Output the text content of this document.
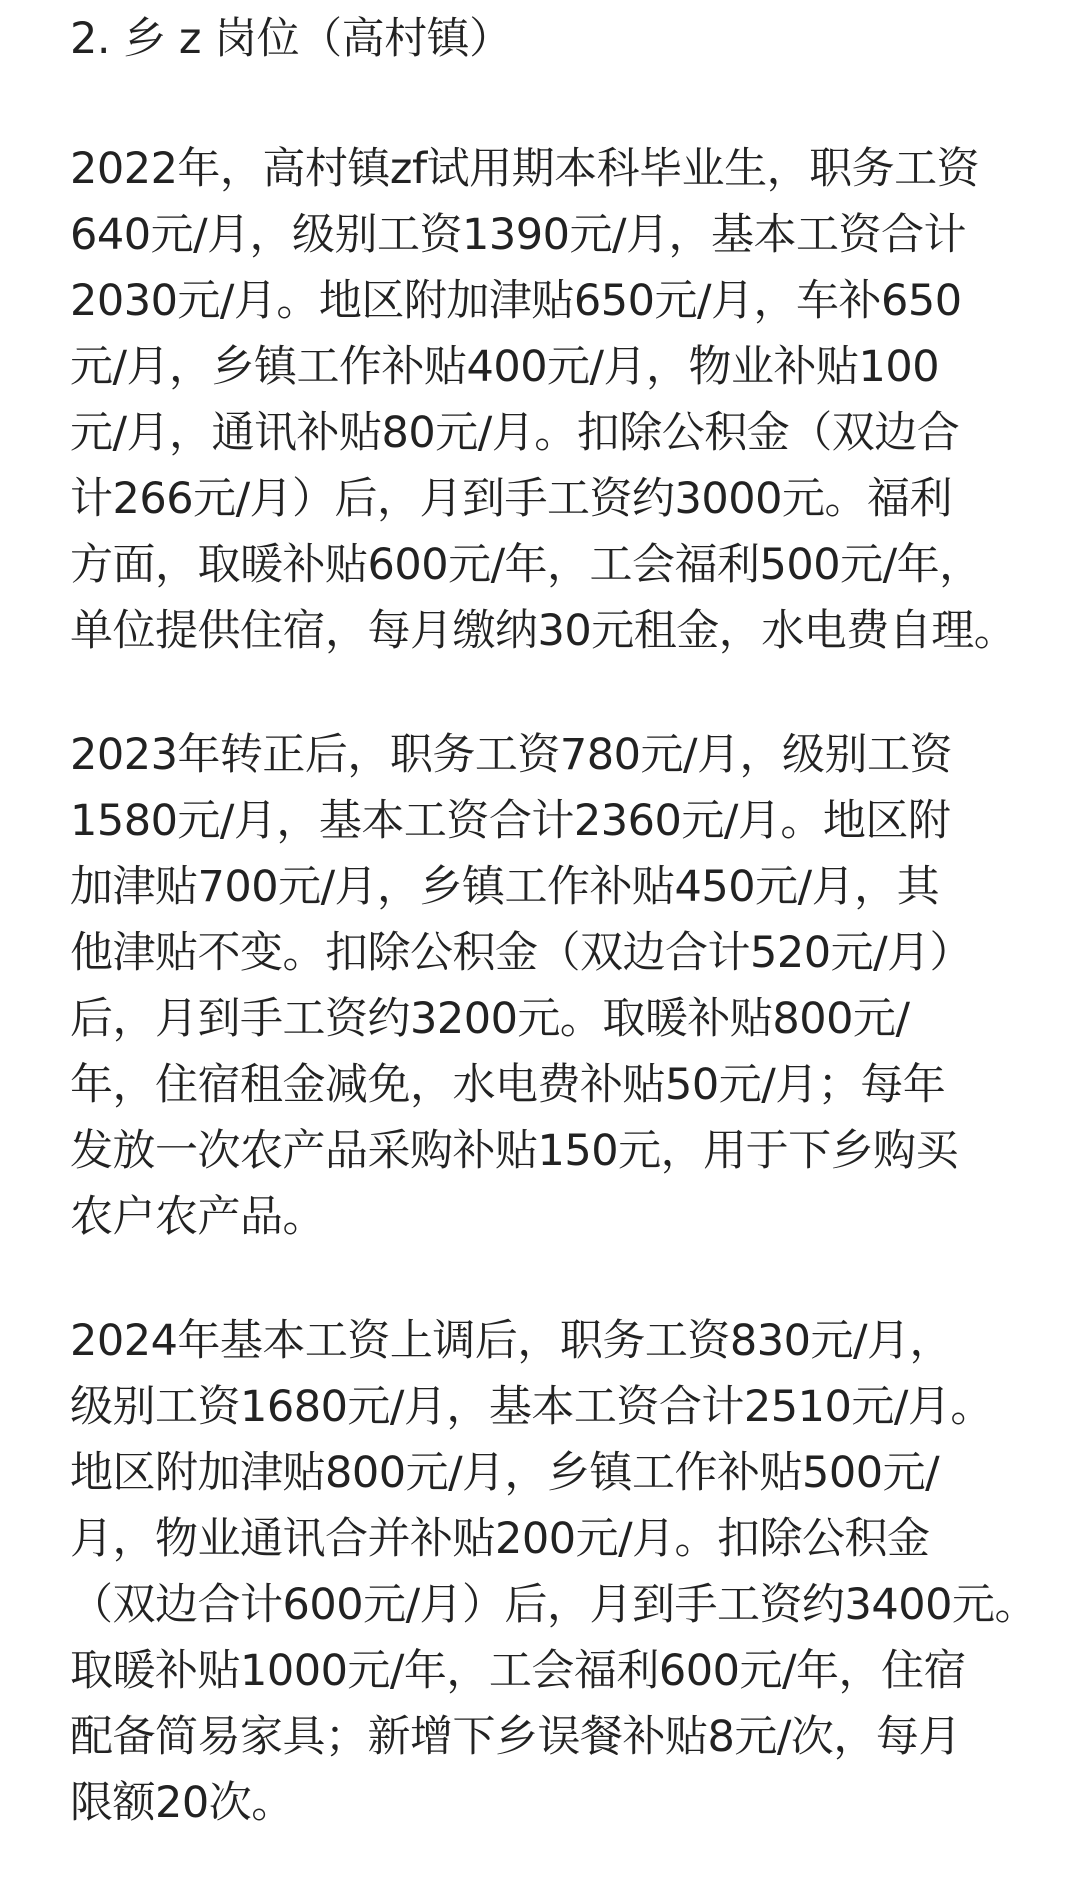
2. 乡 z 岗位（高村镇）
2022年，高村镇zf试用期本科毕业生，职务工资
640元/月，级别工资1390元/月，基本工资合计
2030元/月。地区附加津贴650元/月，车补650
元/月，乡镇工作补贴400元/月，物业补贴100
元/月，通讯补贴80元/月。扣除公积金（双边合
计266元/月）后，月到手工资约3000元。福利
方面，取暖补贴600元/年，工会福利500元/年，
单位提供住宿，每月缴纳30元租金，水电费自理。
2023年转正后，职务工资780元/月，级别工资
1580元/月，基本工资合计2360元/月。地区附
加津贴700元/月，乡镇工作补贴450元/月，其
他津贴不变。扣除公积金（双边合计520元/月）
后，月到手工资约3200元。取暖补贴800元/
年，住宿租金减免，水电费补贴50元/月；每年
发放一次农产品采购补贴150元，用于下乡购买
农户农产品。
2024年基本工资上调后，职务工资830元/月，
级别工资1680元/月，基本工资合计2510元/月。
地区附加津贴800元/月，乡镇工作补贴500元/
月，物业通讯合并补贴200元/月。扣除公积金
（双边合计600元/月）后，月到手工资约3400元。
取暖补贴1000元/年，工会福利600元/年，住宿
配备简易家具；新增下乡误餐补贴8元/次，每月
限额20次。
